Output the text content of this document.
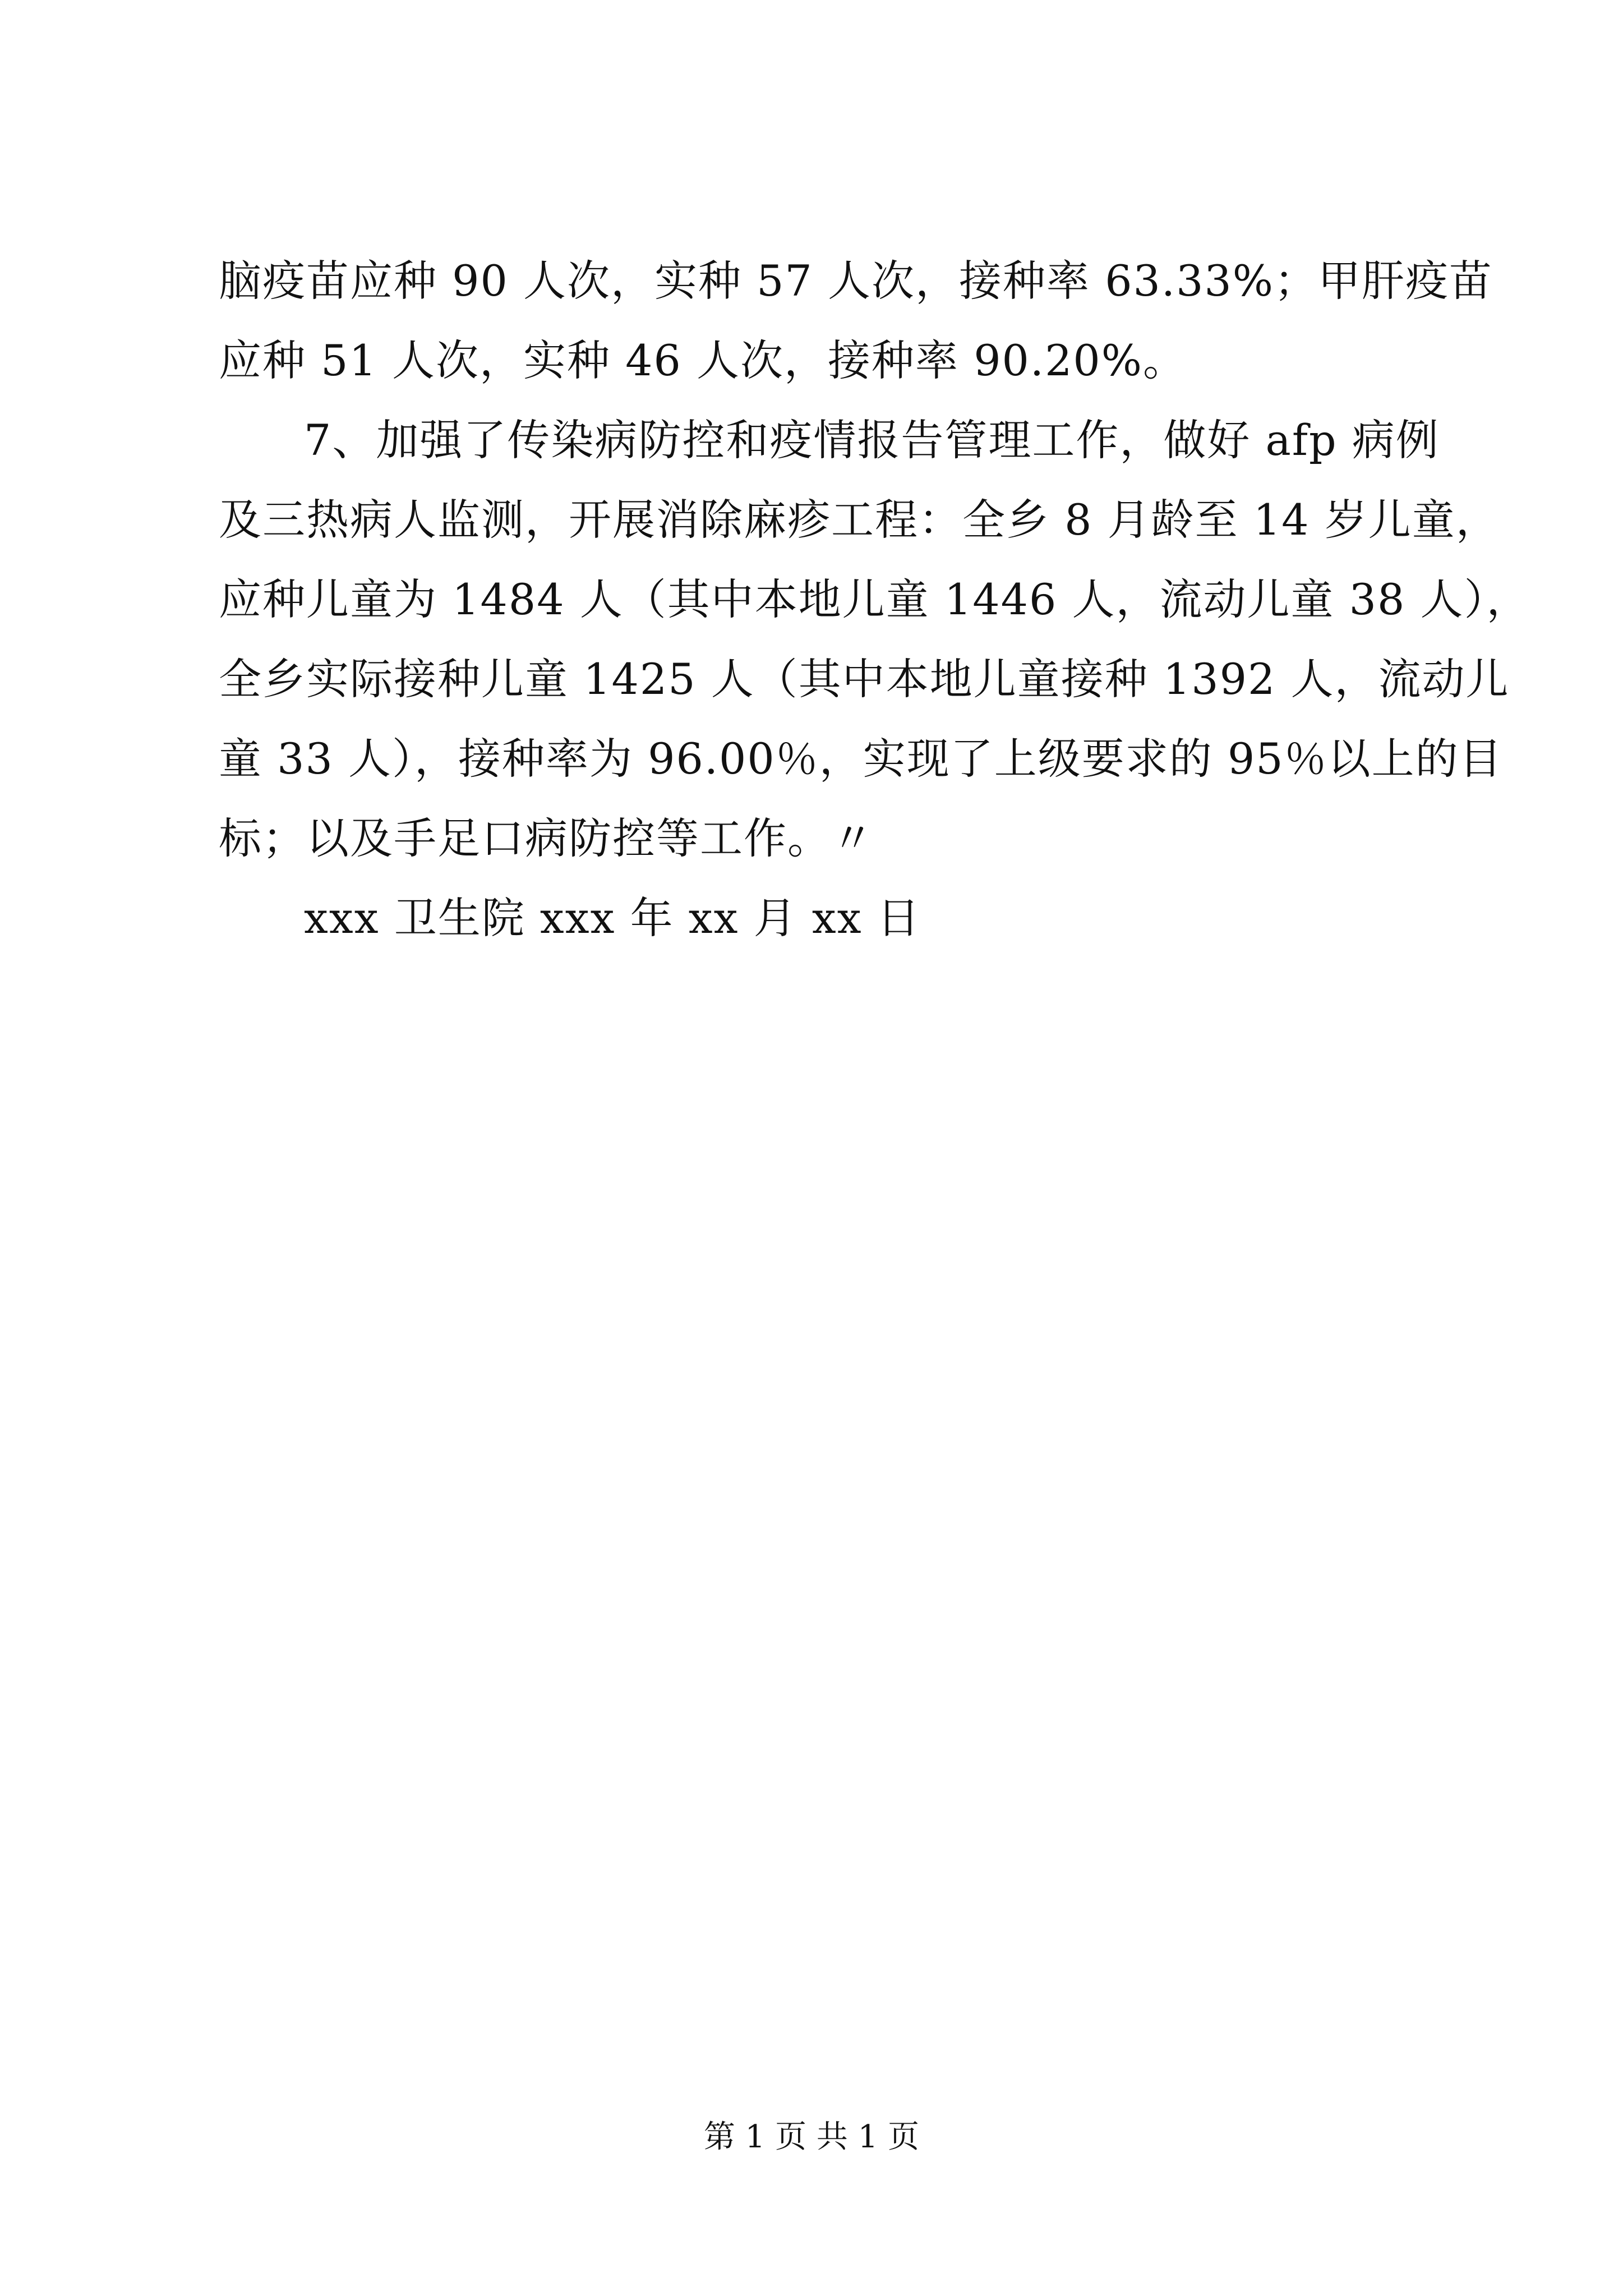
脑疫苗应种 90 人次，实种 57 人次，接种率 63.33%；甲肝疫苗
应种 51 人次，实种 46 人次，接种率 90.20%。
7、加强了传染病防控和疫情报告管理工作，做好 afp 病例
及三热病人监测，开展消除麻疹工程：全乡 8 月龄至 14 岁儿童，
应种儿童为 1484 人（其中本地儿童 1446 人，流动儿童 38 人），
全乡实际接种儿童 1425 人（其中本地儿童接种 1392 人，流动儿
童 33 人），接种率为 96.00％，实现了上级要求的 95％以上的目
标；以及手足口病防控等工作。〃
xxx 卫生院 xxx 年 xx 月 xx 日
第 1 页 共 1 页
